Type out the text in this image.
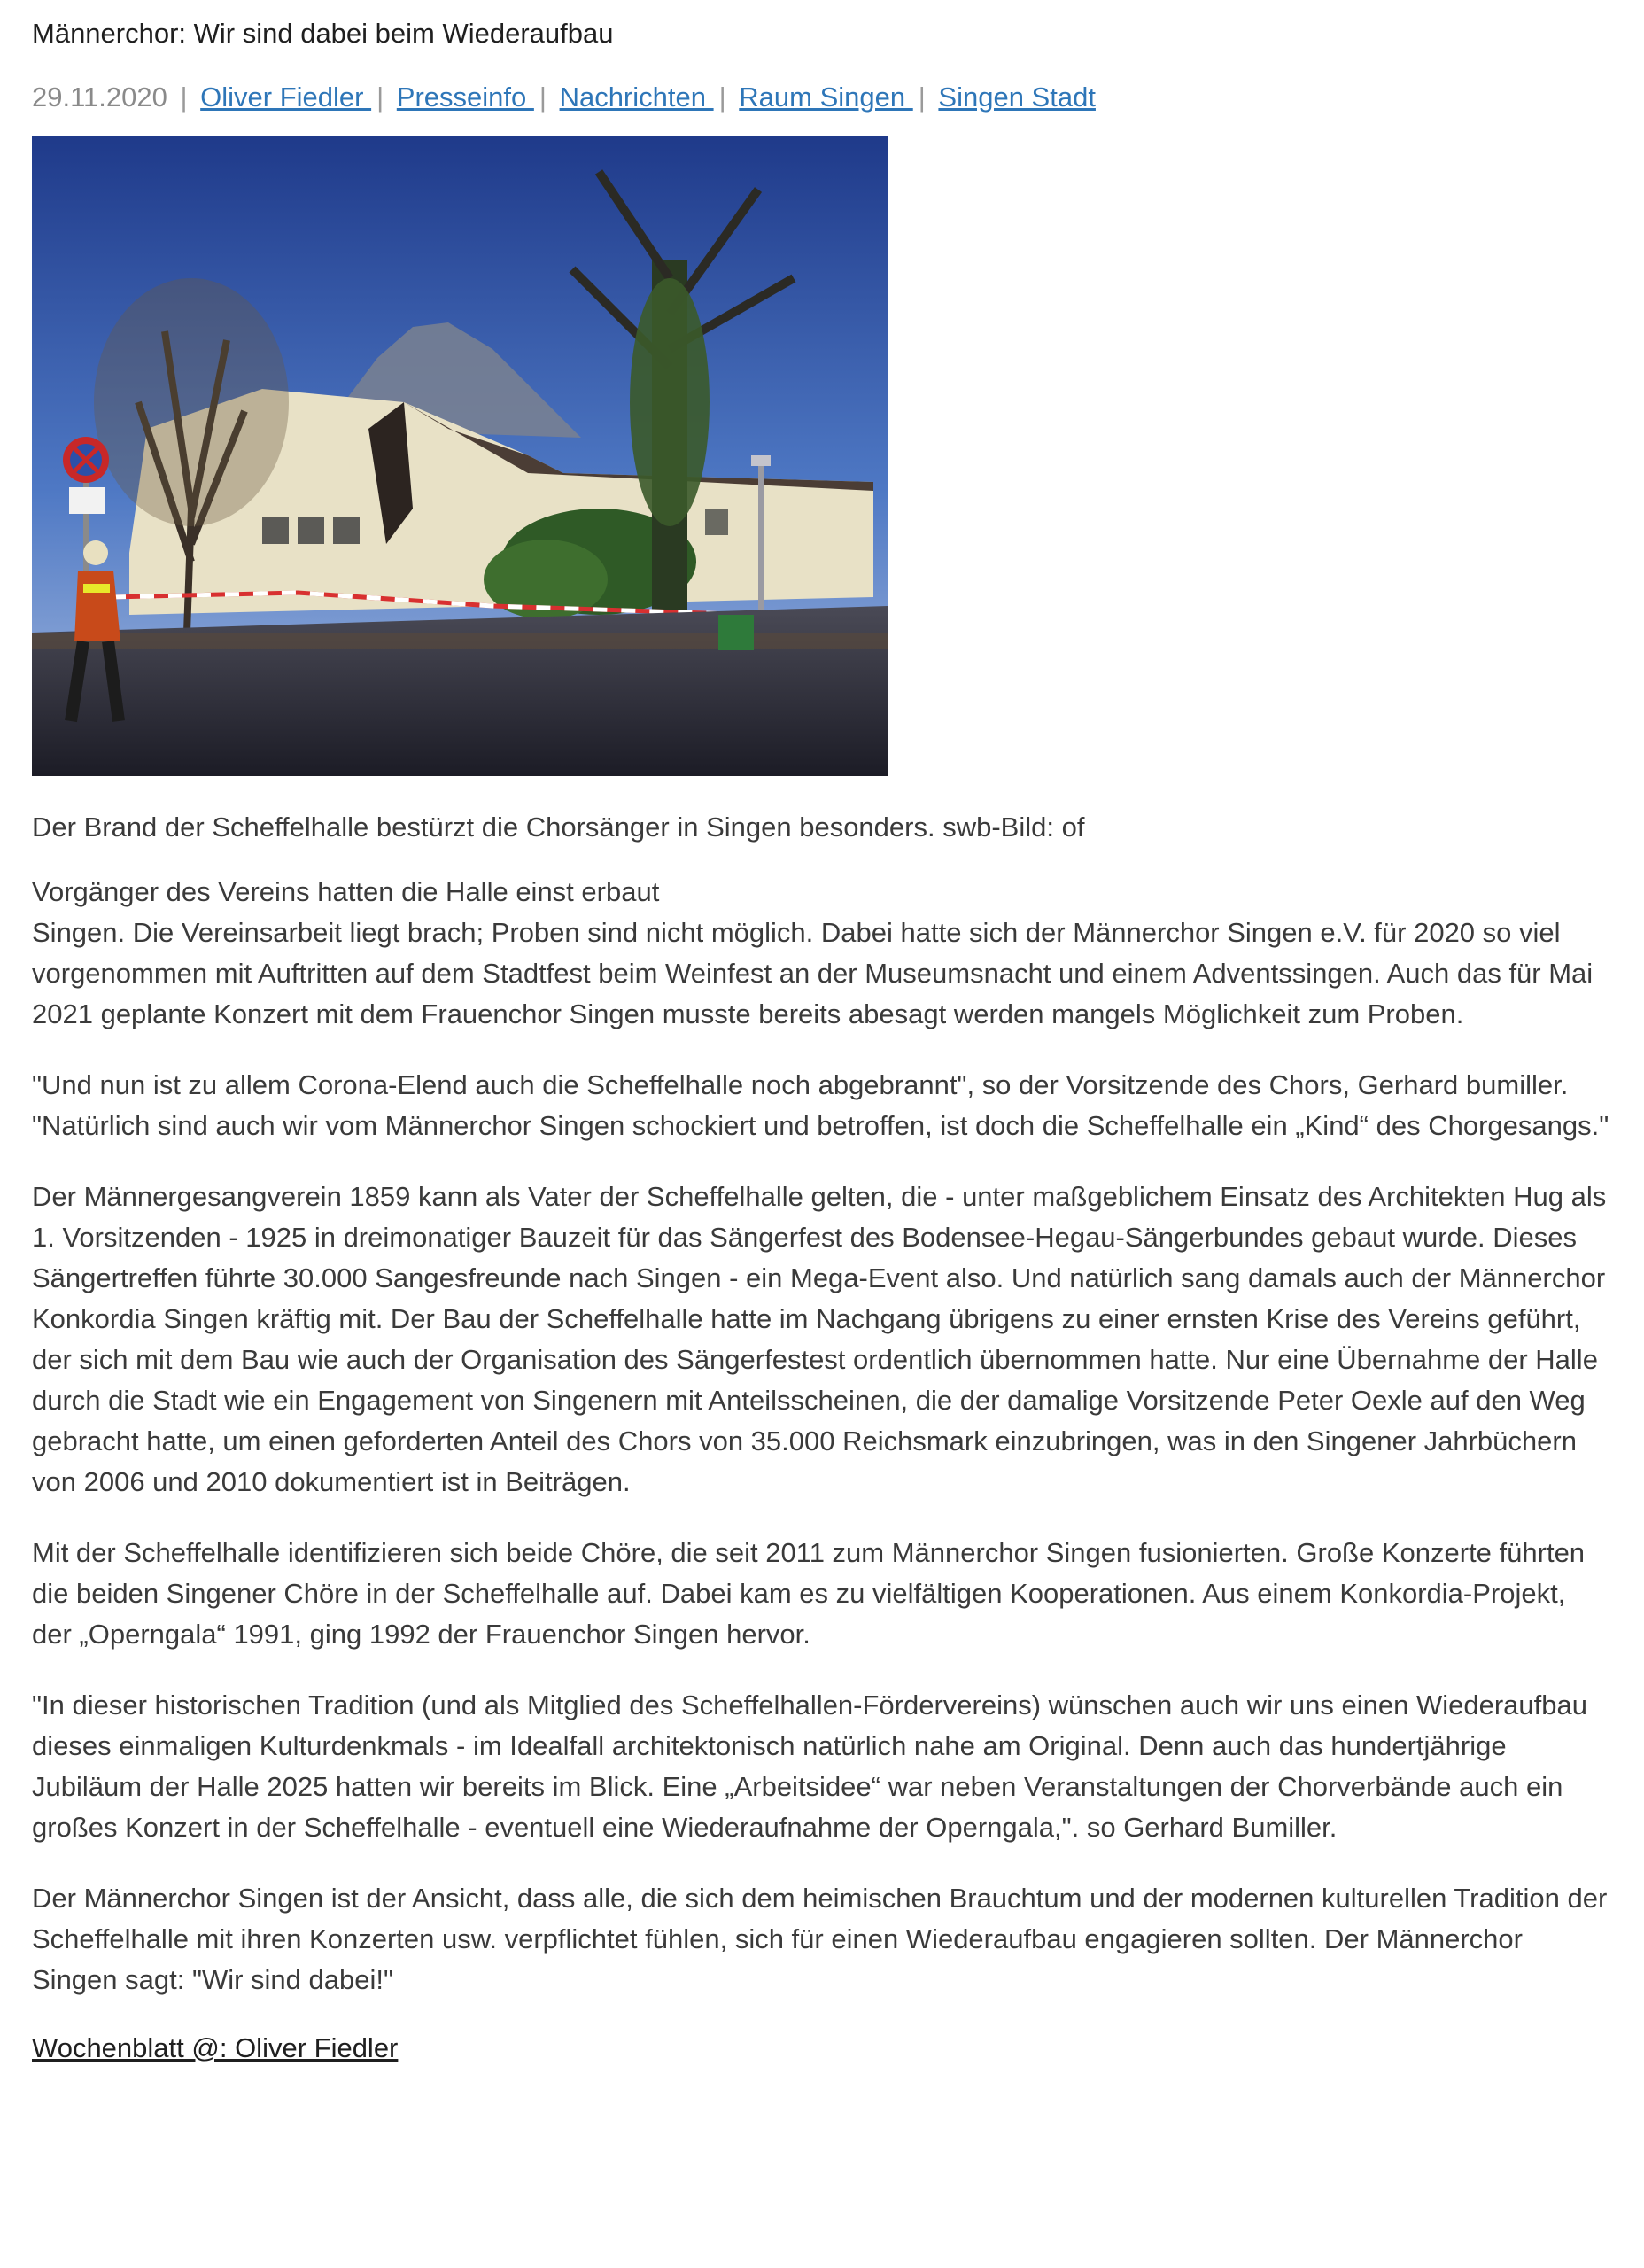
Männerchor: Wir sind dabei beim Wiederaufbau
29.11.2020 | Oliver Fiedler | Presseinfo | Nachrichten | Raum Singen | Singen Stadt
Der Brand der Scheffelhalle bestürzt die Chorsänger in Singen besonders. swb-Bild: of

Vorgänger des Vereins hatten die Halle einst erbaut

Singen. Die Vereinsarbeit liegt brach; Proben sind nicht möglich. Dabei hatte sich der Männerchor Singen e.V. für 2020 so viel vorgenommen mit Auftritten auf dem Stadtfest beim Weinfest an der Museumsnacht und einem Adventssingen. Auch das für Mai 2021 geplante Konzert mit dem Frauenchor Singen musste bereits abesagt werden mangels Möglichkeit zum Proben.

"Und nun ist zu allem Corona-Elend auch die Scheffelhalle noch abgebrannt", so der Vorsitzende des Chors, Gerhard bumiller. "Natürlich sind auch wir vom Männerchor Singen schockiert und betroffen, ist doch die Scheffelhalle ein „Kind“ des Chorgesangs."

Der Männergesangverein 1859 kann als Vater der Scheffelhalle gelten, die - unter maßgeblichem Einsatz des Architekten Hug als 1. Vorsitzenden - 1925 in dreimonatiger Bauzeit für das Sängerfest des Bodensee-Hegau-Sängerbundes gebaut wurde. Dieses Sängertreffen führte 30.000 Sangesfreunde nach Singen - ein Mega-Event also. Und natürlich sang damals auch der Männerchor Konkordia Singen kräftig mit. Der Bau der Scheffelhalle hatte im Nachgang übrigens zu einer ernsten Krise des Vereins geführt, der sich mit dem Bau wie auch der Organisation des Sängerfestest ordentlich übernommen hatte. Nur eine Übernahme der Halle durch die Stadt wie ein Engagement von Singenern mit Anteilsscheinen, die der damalige Vorsitzende Peter Oexle auf den Weg gebracht hatte, um einen geforderten Anteil des Chors von 35.000 Reichsmark einzubringen, was in den Singener Jahrbüchern von 2006 und 2010 dokumentiert ist in Beiträgen.

Mit der Scheffelhalle identifizieren sich beide Chöre, die seit 2011 zum Männerchor Singen fusionierten. Große Konzerte führten die beiden Singener Chöre in der Scheffelhalle auf. Dabei kam es zu vielfältigen Kooperationen. Aus einem Konkordia-Projekt, der „Operngala“ 1991, ging 1992 der Frauenchor Singen hervor.

"In dieser historischen Tradition (und als Mitglied des Scheffelhallen-Fördervereins) wünschen auch wir uns einen Wiederaufbau dieses einmaligen Kulturdenkmals - im Idealfall architektonisch natürlich nahe am Original. Denn auch das hundertjährige Jubiläum der Halle 2025 hatten wir bereits im Blick. Eine „Arbeitsidee“ war neben Veranstaltungen der Chorverbände auch ein großes Konzert in der Scheffelhalle - eventuell eine Wiederaufnahme der Operngala,". so Gerhard Bumiller.

Der Männerchor Singen ist der Ansicht, dass alle, die sich dem heimischen Brauchtum und der modernen kulturellen Tradition der Scheffelhalle mit ihren Konzerten usw. verpflichtet fühlen, sich für einen Wiederaufbau engagieren sollten. Der Männerchor Singen sagt: "Wir sind dabei!"

Wochenblatt @: Oliver Fiedler
